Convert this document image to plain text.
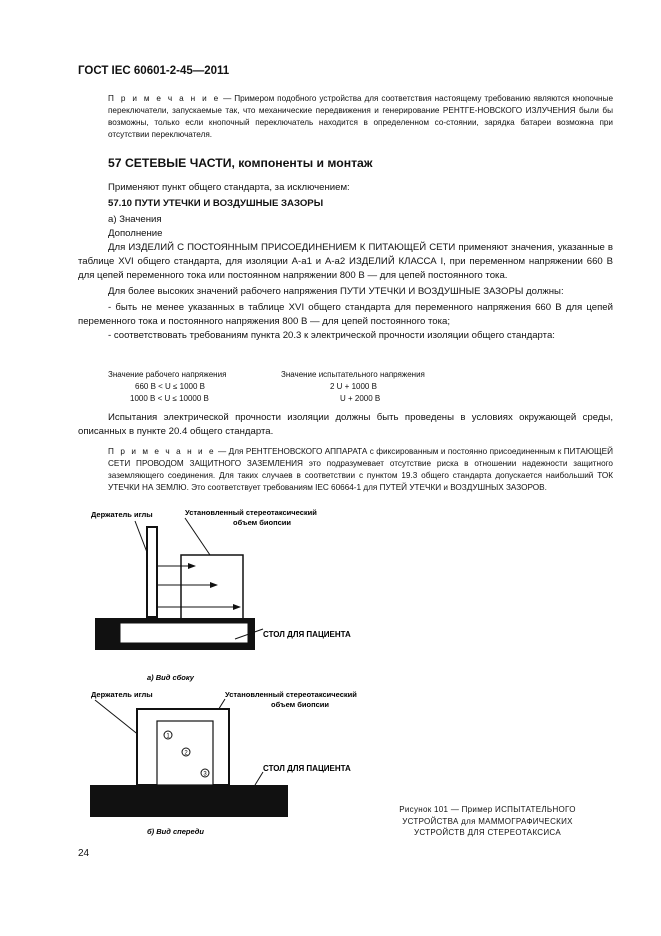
ГОСТ IEC 60601-2-45—2011
П р и м е ч а н и е — Примером подобного устройства для соответствия настоящему требованию являются кнопочные переключатели, запускаемые так, что механические передвижения и генерирование РЕНТГЕ-НОВСКОГО ИЗЛУЧЕНИЯ были бы возможны, только если кнопочный переключатель находится в определенном со-стоянии, зарядка батареи возможна при отсутствии переключателя.
57 СЕТЕВЫЕ ЧАСТИ, компоненты и монтаж
Применяют пункт общего стандарта, за исключением:
57.10 ПУТИ УТЕЧКИ И ВОЗДУШНЫЕ ЗАЗОРЫ
а) Значения
Дополнение
Для ИЗДЕЛИЙ С ПОСТОЯННЫМ ПРИСОЕДИНЕНИЕМ К ПИТАЮЩЕЙ СЕТИ применяют значения, указанные в таблице XVI общего стандарта, для изоляции А-а1 и А-а2 ИЗДЕЛИЙ КЛАССА I, при переменном напряжении 660 В для цепей переменного тока или постоянном напряжении 800 В — для цепей постоянного тока.
Для более высоких значений рабочего напряжения ПУТИ УТЕЧКИ И ВОЗДУШНЫЕ ЗАЗОРЫ должны:
- быть не менее указанных в таблице XVI общего стандарта для переменного напряжения 660 В для цепей переменного тока и постоянного напряжения 800 В — для цепей постоянного тока;
- соответствовать требованиям пункта 20.3 к электрической прочности изоляции общего стандарта:
Значение рабочего напряжения	Значение испытательного напряжения
660 В < U ≤ 1000 В	2 U + 1000 В
1000 В < U ≤ 10000 В	U + 2000 В
Испытания электрической прочности изоляции должны быть проведены в условиях окружающей среды, описанных в пункте 20.4 общего стандарта.
П р и м е ч а н и е — Для РЕНТГЕНОВСКОГО АППАРАТА с фиксированным и постоянно присоединенным к ПИТАЮЩЕЙ СЕТИ ПРОВОДОМ ЗАЩИТНОГО ЗАЗЕМЛЕНИЯ это подразумевает отсутствие риска в отношении надежности защитного заземляющего соединения. Для таких случаев в соответствии с пунктом 19.3 общего стандарта допускается наибольший ТОК УТЕЧКИ НА ЗЕМЛЮ. Это соответствует требованиям IEC 60664-1 для ПУТЕЙ УТЕЧКИ и ВОЗДУШНЫХ ЗАЗОРОВ.
Держатель иглы	Установленный стереотаксический
объем биопсии
СТОЛ ДЛЯ ПАЦИЕНТА
а) Вид сбоку
Держатель иглы	Установленный стереотаксический
объем биопсии
1
2
3
СТОЛ ДЛЯ ПАЦИЕНТА
б) Вид спереди
Рисунок 101 — Пример ИСПЫТАТЕЛЬНОГО
УСТРОЙСТВА для МАММОГРАФИЧЕСКИХ
УСТРОЙСТВ ДЛЯ СТЕРЕОТАКСИСА
24
